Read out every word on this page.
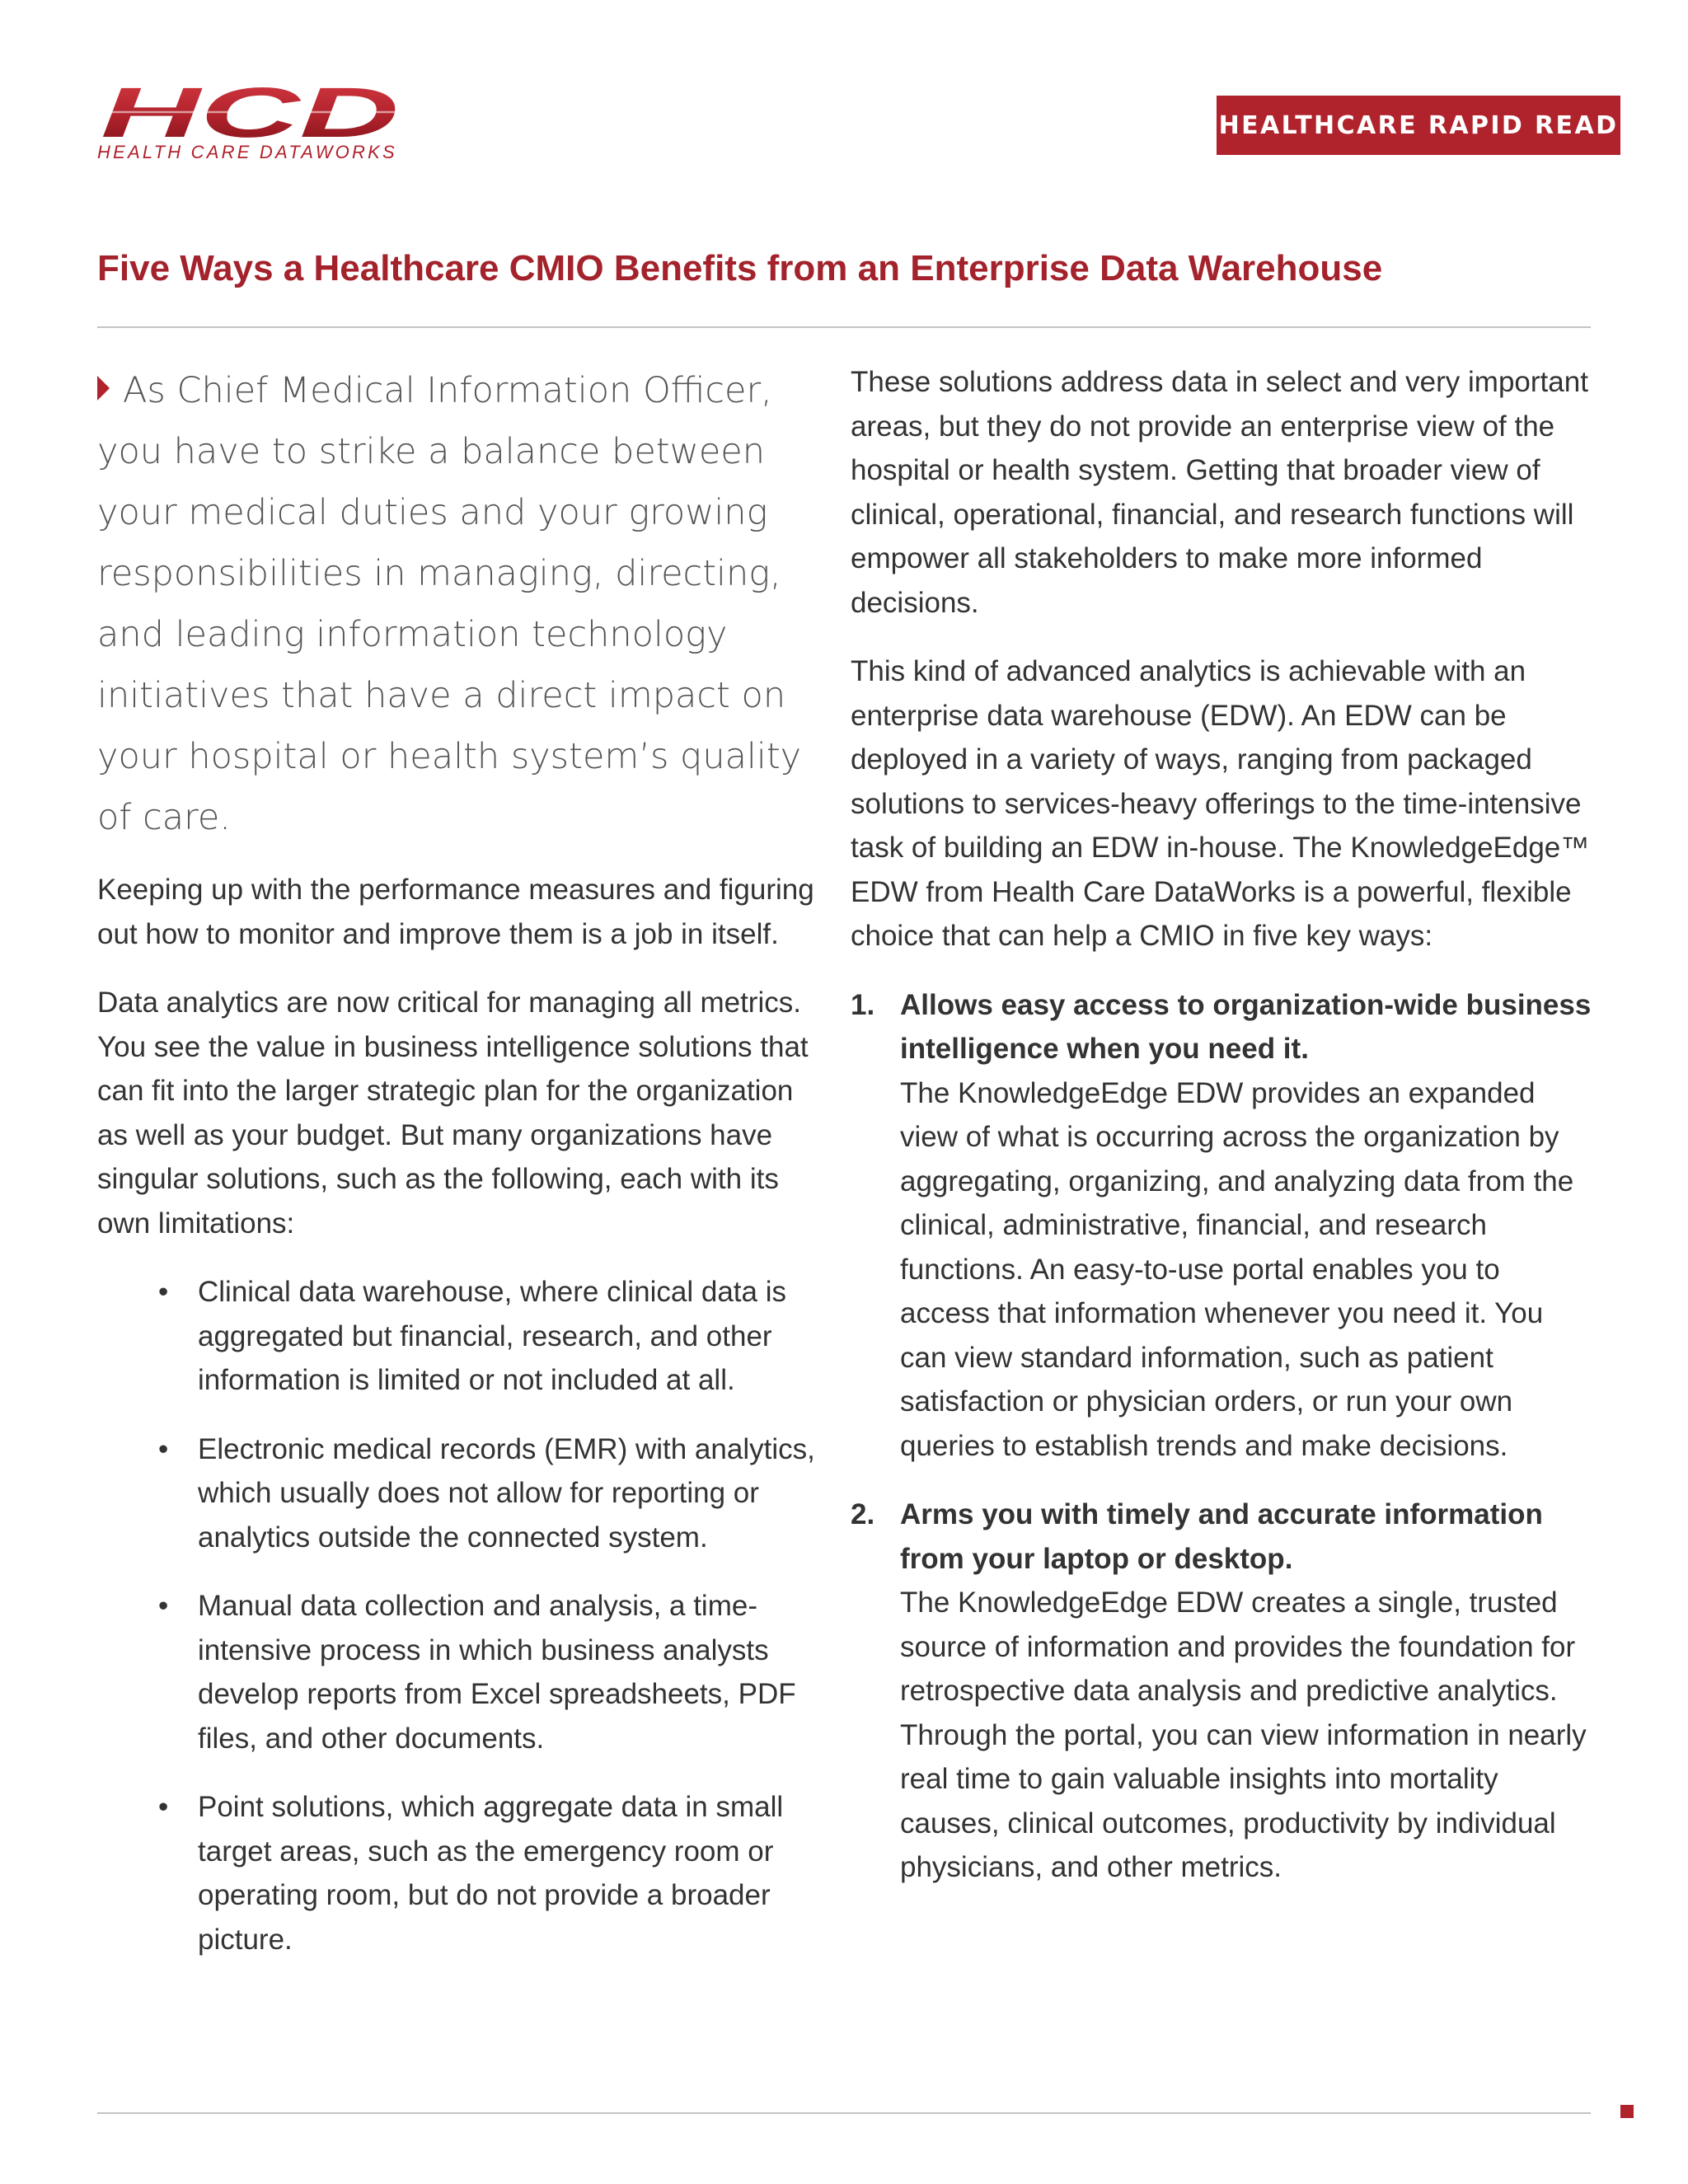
HCD
HEALTH CARE DATAWORKS
HEALTHCARE RAPID READ
Five Ways a Healthcare CMIO Benefits from an Enterprise Data Warehouse

As Chief Medical Information Officer, you have to strike a balance between your medical duties and your growing responsibilities in managing, directing, and leading information technology initiatives that have a direct impact on your hospital or health system’s quality of care.

Keeping up with the performance measures and figuring out how to monitor and improve them is a job in itself.

Data analytics are now critical for managing all metrics. You see the value in business intelligence solutions that can fit into the larger strategic plan for the organization as well as your budget. But many organizations have singular solutions, such as the following, each with its own limitations:

• Clinical data warehouse, where clinical data is aggregated but financial, research, and other information is limited or not included at all.
• Electronic medical records (EMR) with analytics, which usually does not allow for reporting or analytics outside the connected system.
• Manual data collection and analysis, a time-intensive process in which business analysts develop reports from Excel spreadsheets, PDF files, and other documents.
• Point solutions, which aggregate data in small target areas, such as the emergency room or operating room, but do not provide a broader picture.

These solutions address data in select and very important areas, but they do not provide an enterprise view of the hospital or health system. Getting that broader view of clinical, operational, financial, and research functions will empower all stakeholders to make more informed decisions.

This kind of advanced analytics is achievable with an enterprise data warehouse (EDW). An EDW can be deployed in a variety of ways, ranging from packaged solutions to services-heavy offerings to the time-intensive task of building an EDW in-house. The KnowledgeEdge™ EDW from Health Care DataWorks is a powerful, flexible choice that can help a CMIO in five key ways:

1. Allows easy access to organization-wide business intelligence when you need it.
The KnowledgeEdge EDW provides an expanded view of what is occurring across the organization by aggregating, organizing, and analyzing data from the clinical, administrative, financial, and research functions. An easy-to-use portal enables you to access that information whenever you need it. You can view standard information, such as patient satisfaction or physician orders, or run your own queries to establish trends and make decisions.
2. Arms you with timely and accurate information from your laptop or desktop.
The KnowledgeEdge EDW creates a single, trusted source of information and provides the foundation for retrospective data analysis and predictive analytics. Through the portal, you can view information in nearly real time to gain valuable insights into mortality causes, clinical outcomes, productivity by individual physicians, and other metrics.
